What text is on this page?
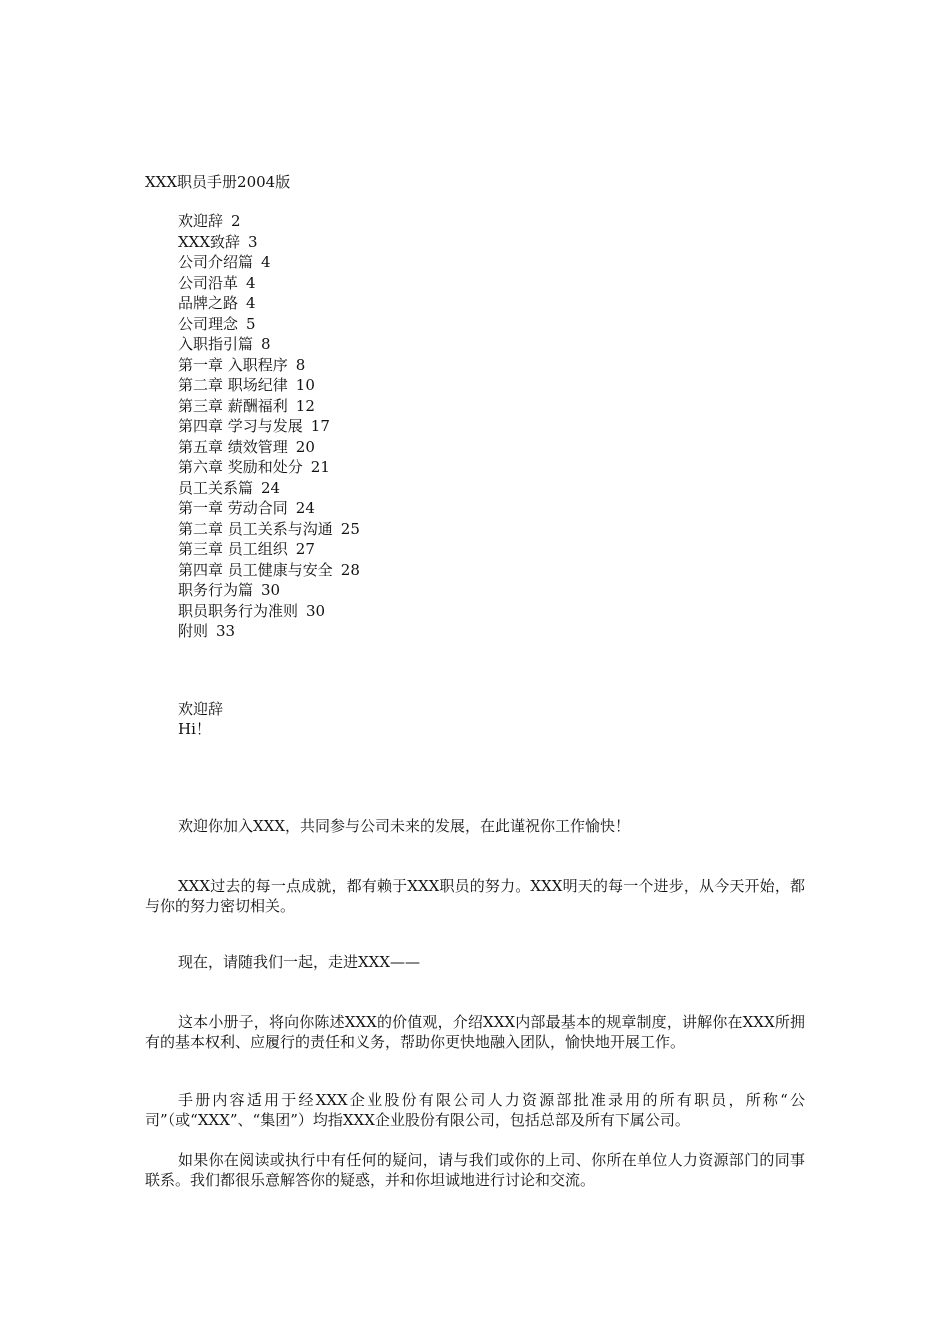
XXX职员手册2004版
欢迎辞 2
XXX致辞 3
公司介绍篇 4
公司沿革 4
品牌之路 4
公司理念 5
入职指引篇 8
第一章 入职程序 8
第二章 职场纪律 10
第三章 薪酬福利 12
第四章 学习与发展 17
第五章 绩效管理 20
第六章 奖励和处分 21
员工关系篇 24
第一章 劳动合同 24
第二章 员工关系与沟通 25
第三章 员工组织 27
第四章 员工健康与安全 28
职务行为篇 30
职员职务行为准则 30
附则 33
欢迎辞
Hi！

欢迎你加入XXX，共同参与公司未来的发展，在此谨祝你工作愉快！

XXX过去的每一点成就，都有赖于XXX职员的努力。XXX明天的每一个进步，从今天开始，都与你的努力密切相关。

现在，请随我们一起，走进XXX——

这本小册子，将向你陈述XXX的价值观，介绍XXX内部最基本的规章制度，讲解你在XXX所拥有的基本权利、应履行的责任和义务，帮助你更快地融入团队，愉快地开展工作。

手册内容适用于经XXX企业股份有限公司人力资源部批准录用的所有职员，所称“公司”（或“XXX”、“集团”）均指XXX企业股份有限公司，包括总部及所有下属公司。

如果你在阅读或执行中有任何的疑问，请与我们或你的上司、你所在单位人力资源部门的同事联系。我们都很乐意解答你的疑惑，并和你坦诚地进行讨论和交流。
